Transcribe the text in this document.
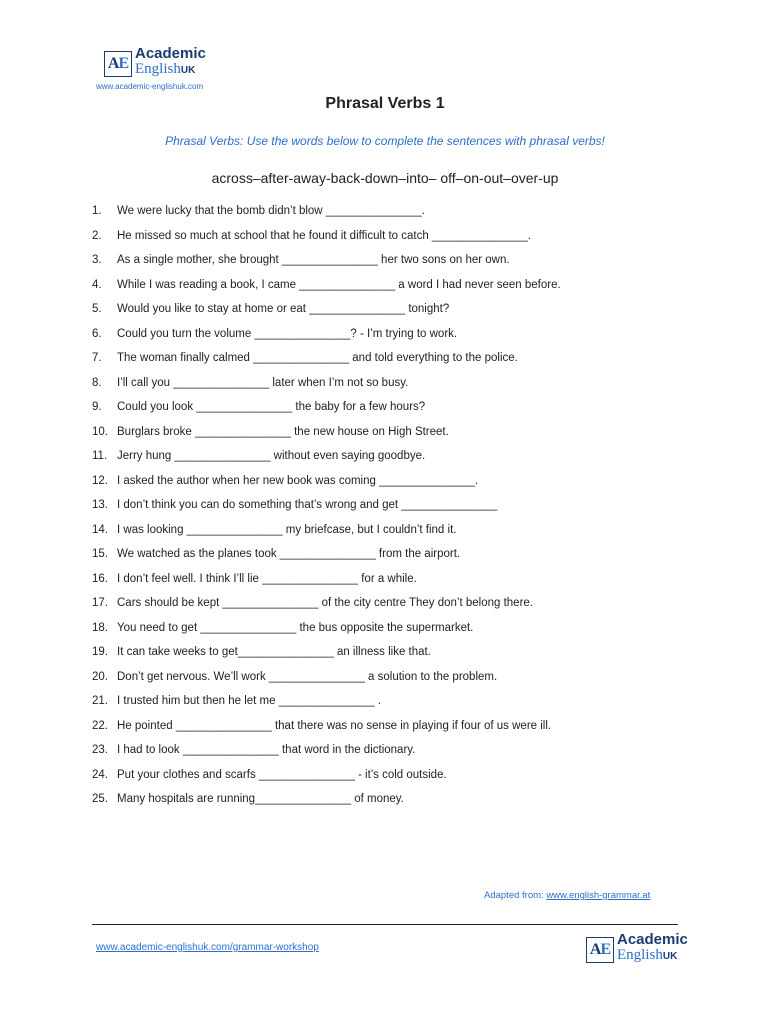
A E
Academic
EnglishUK
www.academic-englishuk.com
Phrasal Verbs 1
Phrasal Verbs: Use the words below to complete the sentences with phrasal verbs!
across–after-away-back-down–into– off–on-out–over-up
1.	We were lucky that the bomb didn’t blow _______________.
2.	He missed so much at school that he found it difficult to catch _______________.
3.	As a single mother, she brought _______________ her two sons on her own.
4.	While I was reading a book, I came _______________ a word I had never seen before.
5.	Would you like to stay at home or eat _______________ tonight?
6.	Could you turn the volume _______________? - I’m trying to work.
7.	The woman finally calmed _______________ and told everything to the police.
8.	I’ll call you _______________ later when I’m not so busy.
9.	Could you look _______________ the baby for a few hours?
10. Burglars broke _______________ the new house on High Street.
11. Jerry hung _______________ without even saying goodbye.
12. I asked the author when her new book was coming _______________.
13. I don’t think you can do something that’s wrong and get _______________
14. I was looking _______________ my briefcase, but I couldn’t find it.
15. We watched as the planes took _______________ from the airport.
16. I don’t feel well. I think I’ll lie _______________ for a while.
17. Cars should be kept _______________ of the city centre They don’t belong there.
18. You need to get _______________ the bus opposite the supermarket.
19. It can take weeks to get_______________ an illness like that.
20. Don’t get nervous. We’ll work _______________ a solution to the problem.
21. I trusted him but then he let me _______________ .
22. He pointed _______________ that there was no sense in playing if four of us were ill.
23. I had to look _______________ that word in the dictionary.
24. Put your clothes and scarfs _______________ - it’s cold outside.
25. Many hospitals are running_______________ of money.
Adapted from: www.english-grammar.at
www.academic-englishuk.com/grammar-workshop	A E
Academic
EnglishUK
